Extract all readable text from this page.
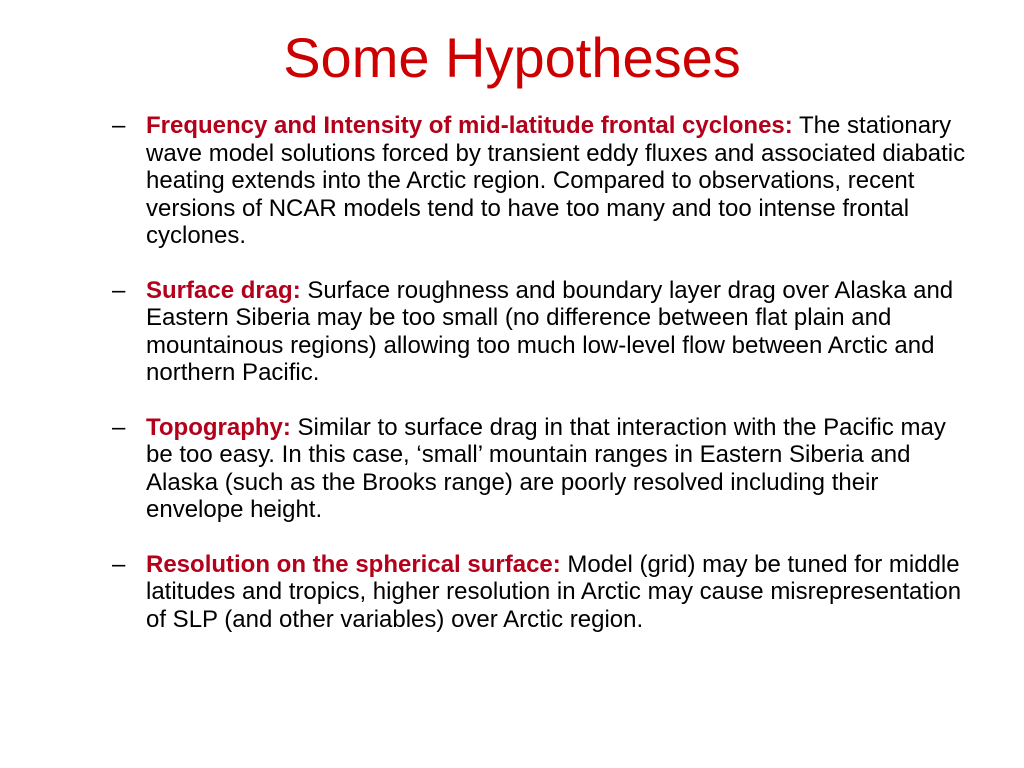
Some Hypotheses
– Frequency and Intensity of mid-latitude frontal cyclones: The stationary wave model solutions forced by transient eddy fluxes and associated diabatic heating extends into the Arctic region. Compared to observations, recent versions of NCAR models tend to have too many and too intense frontal cyclones.
– Surface drag: Surface roughness and boundary layer drag over Alaska and Eastern Siberia may be too small (no difference between flat plain and mountainous regions) allowing too much low-level flow between Arctic and northern Pacific.
– Topography: Similar to surface drag in that interaction with the Pacific may be too easy. In this case, ‘small’ mountain ranges in Eastern Siberia and Alaska (such as the Brooks range) are poorly resolved including their envelope height.
– Resolution on the spherical surface: Model (grid) may be tuned for middle latitudes and tropics, higher resolution in Arctic may cause misrepresentation of SLP (and other variables) over Arctic region.
